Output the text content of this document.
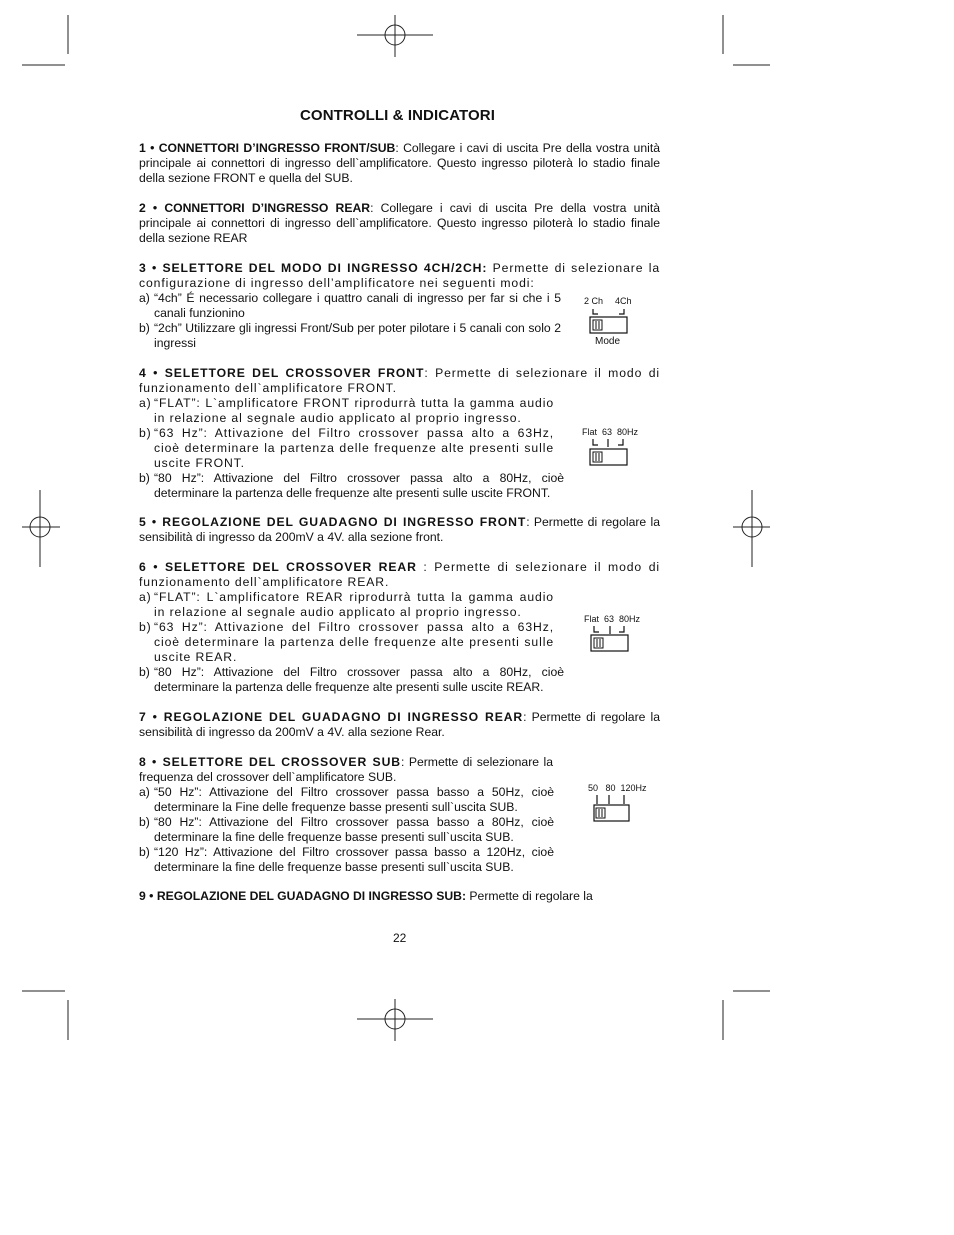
CONTROLLI & INDICATORI

1 • CONNETTORI D’INGRESSO FRONT/SUB: Collegare i cavi di uscita Pre della vostra unità principale ai connettori di ingresso dell`amplificatore. Questo ingresso piloterà lo stadio finale della sezione FRONT e quella del SUB.

2 • CONNETTORI D’INGRESSO REAR: Collegare i cavi di uscita Pre della vostra unità principale ai connettori di ingresso dell`amplificatore. Questo ingresso piloterà lo stadio finale della sezione REAR

3 • SELETTORE DEL MODO DI INGRESSO 4CH/2CH: Permette di selezionare la configurazione di ingresso dell’amplificatore nei seguenti modi:

a) “4ch” É necessario collegare i quattro canali di ingresso per far si che i 5 canali funzionino
b) “2ch” Utilizzare gli ingressi Front/Sub per poter pilotare i 5 canali con solo 2 ingressi

4 • SELETTORE DEL CROSSOVER FRONT: Permette di selezionare il modo di funzionamento dell`amplificatore FRONT.

a) “FLAT”: L`amplificatore FRONT riprodurrà tutta la gamma audio in relazione al segnale audio applicato al proprio ingresso.
b) “63 Hz”: Attivazione del Filtro crossover passa alto a 63Hz, cioè determinare la partenza delle frequenze alte presenti sulle uscite FRONT.
b) “80 Hz”: Attivazione del Filtro crossover passa alto a 80Hz, cioè determinare la partenza delle frequenze alte presenti sulle uscite FRONT.

5 • REGOLAZIONE DEL GUADAGNO DI INGRESSO FRONT: Permette di regolare la sensibilità di ingresso da 200mV a 4V. alla sezione front.

6 • SELETTORE DEL CROSSOVER REAR : Permette di selezionare il modo di funzionamento dell`amplificatore REAR.

a) “FLAT”: L`amplificatore REAR riprodurrà tutta la gamma audio in relazione al segnale audio applicato al proprio ingresso.
b) “63 Hz”: Attivazione del Filtro crossover passa alto a 63Hz, cioè determinare la partenza delle frequenze alte presenti sulle uscite REAR.
b) “80 Hz”: Attivazione del Filtro crossover passa alto a 80Hz, cioè determinare la partenza delle frequenze alte presenti sulle uscite REAR.

7 • REGOLAZIONE DEL GUADAGNO DI INGRESSO REAR: Permette di regolare la sensibilità di ingresso da 200mV a 4V. alla sezione Rear.

8 • SELETTORE DEL CROSSOVER SUB: Permette di selezionare la frequenza del crossover dell`amplificatore SUB.

a) “50 Hz”: Attivazione del Filtro crossover passa basso a 50Hz, cioè determinare la Fine delle frequenze basse presenti sull`uscita SUB.
b) “80 Hz”: Attivazione del Filtro crossover passa basso a 80Hz, cioè determinare la fine delle frequenze basse presenti sull`uscita SUB.
b) “120 Hz”: Attivazione del Filtro crossover passa basso a 120Hz, cioè determinare la fine delle frequenze basse presenti sull`uscita SUB.

9 • REGOLAZIONE DEL GUADAGNO DI INGRESSO SUB: Permette di regolare la

2 Ch 4Ch
Mode
Flat  63  80Hz
Flat  63  80Hz
50   80  120Hz
22
